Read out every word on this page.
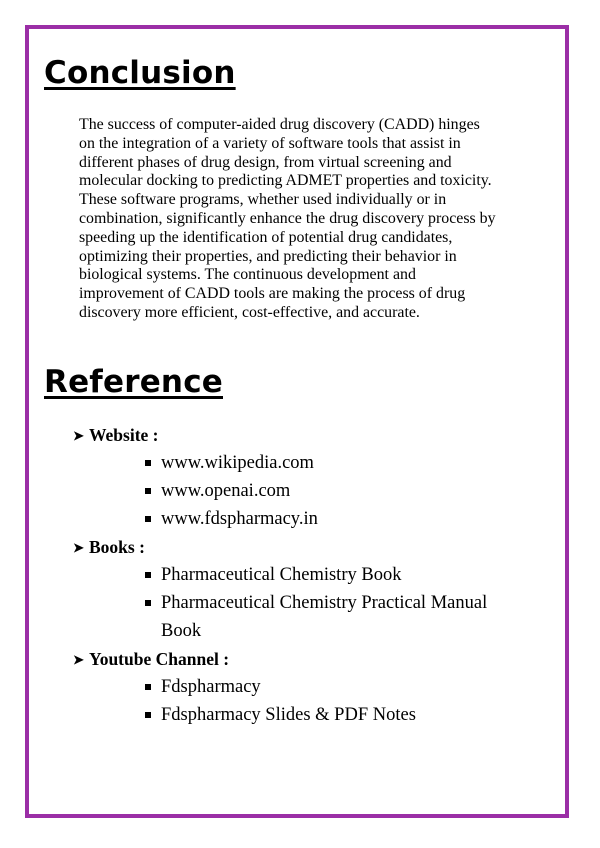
Conclusion

The success of computer-aided drug discovery (CADD) hinges
on the integration of a variety of software tools that assist in
different phases of drug design, from virtual screening and
molecular docking to predicting ADMET properties and toxicity.
These software programs, whether used individually or in
combination, significantly enhance the drug discovery process by
speeding up the identification of potential drug candidates,
optimizing their properties, and predicting their behavior in
biological systems. The continuous development and
improvement of CADD tools are making the process of drug
discovery more efficient, cost-effective, and accurate.

Reference
➤ Website :
www.wikipedia.com
www.openai.com
www.fdspharmacy.in
➤ Books :
Pharmaceutical Chemistry Book
Pharmaceutical Chemistry Practical Manual
Book
➤ Youtube Channel :
Fdspharmacy
Fdspharmacy Slides & PDF Notes
